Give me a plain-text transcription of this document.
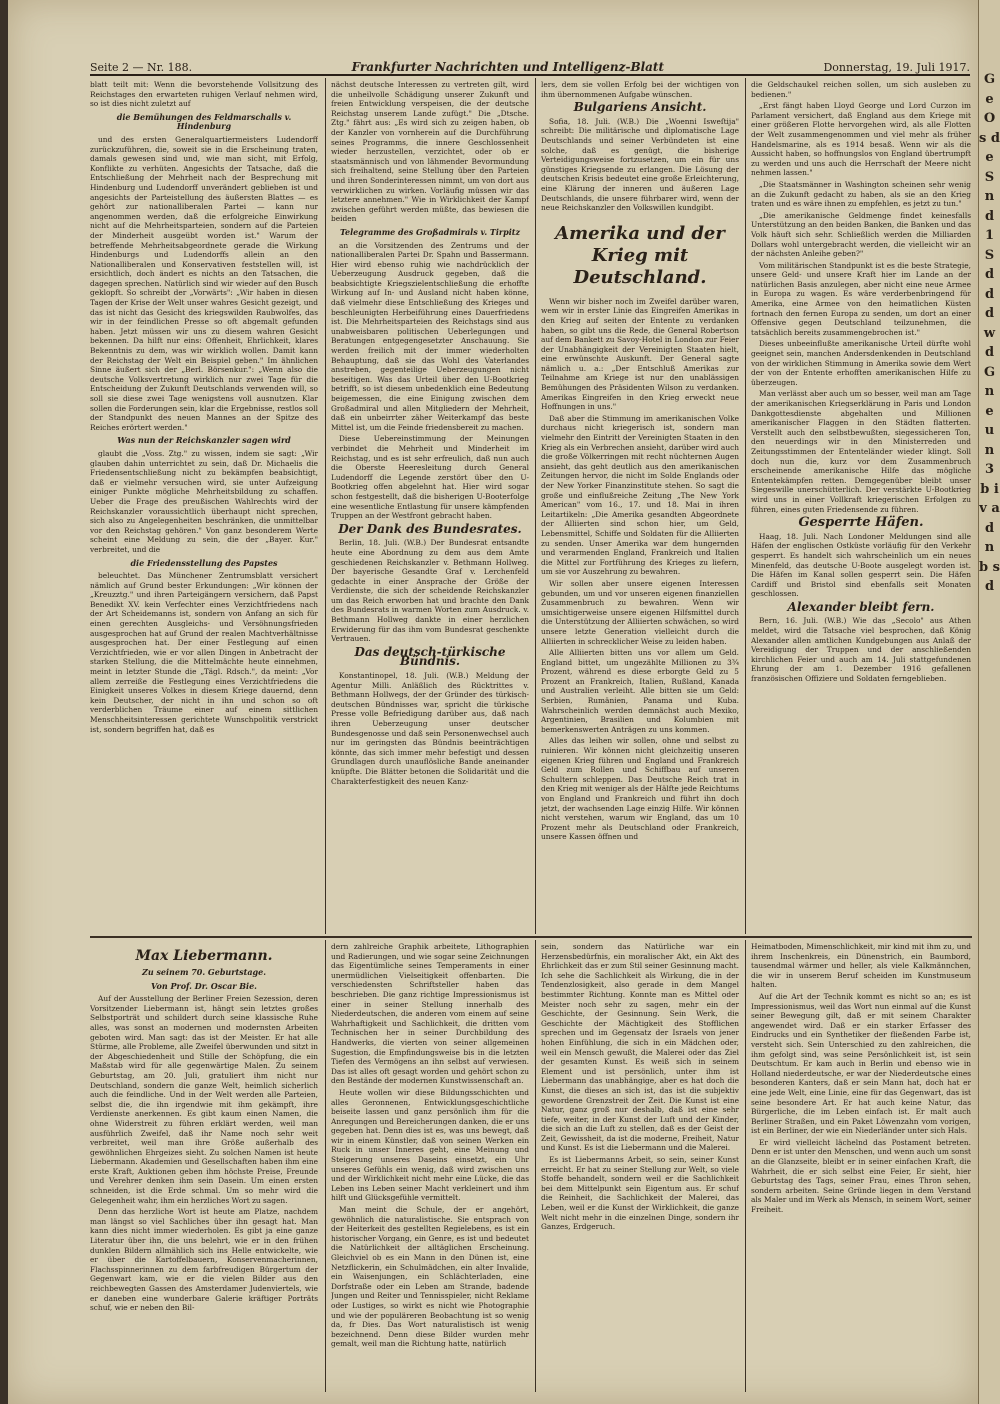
Seite 2 — Nr. 188.	Frankfurter Nachrichten und Intelligenz-Blatt	Donnerstag, 19. Juli 1917.

blatt teilt mit: Wenn die bevorstehende Vollsitzung des Reichstages den erwarteten ruhigen Verlauf nehmen wird, so ist dies nicht zuletzt auf

die Bemühungen des Feldmarschalls v. Hindenburg

und des ersten Generalquartiermeisters Ludendorff zurückzuführen, die, soweit sie in die Erscheinung traten, damals gewesen sind und, wie man sicht, mit Erfolg, Konflikte zu verhüten. Angesichts der Tatsache, daß die Entschließung der Mehrheit nach der Besprechung mit Hindenburg und Ludendorff unverändert geblieben ist und angesichts der Parteistellung des äußersten Blattes — es gehört zur nationalliberalen Partei — kann nur angenommen werden, daß die erfolgreiche Einwirkung nicht auf die Mehrheitsparteien, sondern auf die Parteien der Minderheit ausgeübt worden ist." Warum der betreffende Mehrheitsabgeordnete gerade die Wirkung Hindenburgs und Ludendorffs allein an den Nationalliberalen und Konservativen feststellen will, ist ersichtlich, doch ändert es nichts an den Tatsachen, die dagegen sprechen. Natürlich sind wir wieder auf den Busch geklopft. So schreibt der „Vorwärts": „Wir haben in diesen Tagen der Krise der Welt unser wahres Gesicht gezeigt, und das ist nicht das Gesicht des kriegswilden Raubwolfes, das wir in der feindlichen Presse so oft abgemalt gefunden haben. Jetzt müssen wir uns zu diesem wahren Gesicht bekennen. Da hilft nur eins: Offenheit, Ehrlichkeit, klares Bekenntnis zu dem, was wir wirklich wollen. Damit kann der Reichstag der Welt ein Beispiel geben." Im ähnlichen Sinne äußert sich der „Berl. Börsenkur.": „Wenn also die deutsche Volksvertretung wirklich nur zwei Tage für die Entscheidung der Zukunft Deutschlands verwenden will, so soll sie diese zwei Tage wenigstens voll ausnutzen. Klar sollen die Forderungen sein, klar die Ergebnisse, restlos soll der Standpunkt des neuen Mannes an der Spitze des Reiches erörtert werden."

Was nun der Reichskanzler sagen wird

glaubt die „Voss. Ztg." zu wissen, indem sie sagt: „Wir glauben dahin unterrichtet zu sein, daß Dr. Michaelis die Friedensentschließung nicht zu bekämpfen beabsichtigt, daß er vielmehr versuchen wird, sie unter Aufzeigung einiger Punkte mögliche Mehrheitsbildung zu schaffen. Ueber die Frage des preußischen Wahlrechts wird der Reichskanzler voraussichtlich überhaupt nicht sprechen, sich also zu Angelegenheiten beschränken, die unmittelbar vor den Reichstag gehören." Von ganz besonderem Werte scheint eine Meldung zu sein, die der „Bayer. Kur." verbreitet, und die

die Friedensstellung des Papstes

beleuchtet. Das Münchener Zentrumsblatt versichert nämlich auf Grund bester Erkundungen: „Wir können der „Kreuzztg." und ihren Parteigängern versichern, daß Papst Benedikt XV. kein Verfechter eines Verzichtfriedens nach der Art Scheidemanns ist, sondern von Anfang an sich für einen gerechten Ausgleichs- und Versöhnungsfrieden ausgesprochen hat auf Grund der realen Machtverhältnisse ausgesprochen hat. Der einer Festlegung auf einen Verzichtfrieden, wie er vor allen Dingen in Anbetracht der starken Stellung, die die Mittelmächte heute einnehmen, meint in letzter Stunde die „Tägl. Rdsch.", da meint: „Vor allem zerreiße die Festlegung eines Verzichtfriedens die Einigkeit unseres Volkes in diesem Kriege dauernd, denn kein Deutscher, der nicht in ihn und schon so oft verderblichen Träume einer auf einem sittlichen Menschheitsinteressen gerichtete Wunschpolitik verstrickt ist, sondern begriffen hat, daß es

nächst deutsche Interessen zu vertreten gilt, wird die unheilvolle Schädigung unserer Zukunft und freien Entwicklung verspeisen, die der deutsche Reichstag unserem Lande zufügt." Die „Dtsche. Ztg." fährt aus: „Es wird sich zu zeigen haben, ob der Kanzler von vornherein auf die Durchführung seines Programms, die innere Geschlossenheit wieder herzustellen, verzichtet, oder ob er staatsmännisch und von lähmender Bevormundung sich freihaltend, seine Stellung über den Parteien und ihren Sonderinteressen nimmt, um von dort aus verwirklichen zu wirken. Vorläufig müssen wir das letztere annehmen." Wie in Wirklichkeit der Kampf zwischen geführt werden müßte, das bewiesen die beiden

Telegramme des Großadmirals v. Tirpitz

an die Vorsitzenden des Zentrums und der nationalliberalen Partei Dr. Spahn und Bassermann. Hier wird ebenso ruhig wie nachdrücklich der Ueberzeugung Ausdruck gegeben, daß die beabsichtigte Kriegszielentschließung die erhoffte Wirkung auf In- und Ausland nicht haben könne, daß vielmehr diese Entschließung des Krieges und beschleunigten Herbeiführung eines Dauerfriedens ist. Die Mehrheitsparteien des Reichstags sind aus unabweisbaren politischen Ueberlegungen und Beratungen entgegengesetzter Anschauung. Sie werden freilich mit der immer wiederholten Behauptung, daß sie das Wohl des Vaterlandes anstreben, gegenteilige Ueberzeugungen nicht beseitigen. Was das Urteil über den U-Bootkrieg betrifft, so ist diesem unbedenklich eine Bedeutung beigemessen, die eine Einigung zwischen dem Großadmiral und allen Mitgliedern der Mehrheit, daß ein unbeirrter zäher Weiterkampf das beste Mittel ist, um die Feinde friedensbereit zu machen.

Diese Uebereinstimmung der Meinungen verbindet die Mehrheit und Minderheit im Reichstag, und es ist sehr erfreulich, daß nun auch die Oberste Heeresleitung durch General Ludendorff die Legende zerstört über den U-Bootkrieg offen abgelehnt hat. Hier wird sogar schon festgestellt, daß die bisherigen U-Booterfolge eine wesentliche Entlastung für unsere kämpfenden Truppen an der Westfront gebracht haben.

Der Dank des Bundesrates.

Berlin, 18. Juli. (W.B.) Der Bundesrat entsandte heute eine Abordnung zu dem aus dem Amte geschiedenen Reichskanzler v. Bethmann Hollweg. Der bayerische Gesandte Graf v. Lerchenfeld gedachte in einer Ansprache der Größe der Verdienste, die sich der scheidende Reichskanzler um das Reich erworben hat und brachte den Dank des Bundesrats in warmen Worten zum Ausdruck. v. Bethmann Hollweg dankte in einer herzlichen Erwiderung für das ihm vom Bundesrat geschenkte Vertrauen.

Das deutsch-türkische Bündnis.

Konstantinopel, 18. Juli. (W.B.) Meldung der Agentur Milli. Anläßlich des Rücktrittes v. Bethmann Hollwegs, der der Gründer des türkisch-deutschen Bündnisses war, spricht die türkische Presse volle Befriedigung darüber aus, daß nach ihren Ueberzeugung unser deutscher Bundesgenosse und daß sein Personenwechsel auch nur im geringsten das Bündnis beeinträchtigen könnte, das sich immer mehr befestigt und dessen Grundlagen durch unauflösliche Bande aneinander knüpfte. Die Blätter betonen die Solidarität und die Charakterfestigkeit des neuen Kanz-

lers, dem sie vollen Erfolg bei der wichtigen von ihm übernommenen Aufgabe wünschen.

Bulgariens Ansicht.

Sofia, 18. Juli. (W.B.) Die „Woenni Isweſtija" schreibt: Die militärische und diplomatische Lage Deutschlands und seiner Verbündeten ist eine solche, daß es genügt, die bisherige Verteidigungsweise fortzusetzen, um ein für uns günstiges Kriegsende zu erlangen. Die Lösung der deutschen Krisis bedeutet eine große Erleichterung, eine Klärung der inneren und äußeren Lage Deutschlands, die unsere führbarer wird, wenn der neue Reichskanzler den Volkswillen kundgibt.

Amerika und der Krieg mit Deutschland.

Wenn wir bisher noch im Zweifel darüber waren, wem wir in erster Linie das Eingreifen Amerikas in den Krieg auf seiten der Entente zu verdanken haben, so gibt uns die Rede, die General Robertson auf dem Bankett zu Savoy-Hotel in London zur Feier der Unabhängigkeit der Vereinigten Staaten hielt, eine erwünschte Auskunft. Der General sagte nämlich u. a.: „Der Entschluß Amerikas zur Teilnahme am Kriege ist nur den unablässigen Bemühungen des Präsidenten Wilson zu verdanken. Amerikas Eingreifen in den Krieg erweckt neue Hoffnungen in uns."

Daß aber die Stimmung im amerikanischen Volke durchaus nicht kriegerisch ist, sondern man vielmehr den Eintritt der Vereinigten Staaten in den Krieg als ein Verbrechen ansieht, darüber wird auch die große Völkerringen mit recht nüchternen Augen ansieht, das geht deutlich aus den amerikanischen Zeitungen hervor, die nicht im Solde Englands oder der New Yorker Finanzinstitute stehen. So sagt die große und einflußreiche Zeitung „The New York American" vom 16., 17. und 18. Mai in ihren Leitartikeln: „Die Amerika gesandten Abgeordnete der Alliierten sind schon hier, um Geld, Lebensmittel, Schiffe und Soldaten für die Alliierten zu senden. Unser Amerika war dem hungernden und verarmenden England, Frankreich und Italien die Mittel zur Fortführung des Krieges zu liefern, um sie vor Auszehrung zu bewahren.

Wir sollen aber unsere eigenen Interessen gebunden, um und vor unseren eigenen finanziellen Zusammenbruch zu bewahren. Wenn wir umsichtigerweise unsere eigenen Hilfsmittel durch die Unterstützung der Alliierten schwächen, so wird unsere letzte Generation vielleicht durch die Alliierten in schrecklicher Weise zu leiden haben.

Alle Alliierten bitten uns vor allem um Geld. England bittet, um ungezählte Millionen zu 3¾ Prozent, während es diese erborgte Geld zu 5 Prozent an Frankreich, Italien, Rußland, Kanada und Australien verleiht. Alle bitten sie um Geld: Serbien, Rumänien, Panama und Kuba. Wahrscheinlich werden demnächst auch Mexiko, Argentinien, Brasilien und Kolumbien mit bemerkenswerten Anträgen zu uns kommen.

Alles das leihen wir sollen, ohne und selbst zu ruinieren. Wir können nicht gleichzeitig unseren eigenen Krieg führen und England und Frankreich Geld zum Rollen und Schiffbau auf unseren Schultern schleppen. Das Deutsche Reich trat in den Krieg mit weniger als der Hälfte jede Reichtums von England und Frankreich und führt ihn doch jetzt, der wachsenden Lage einzig Hilfe. Wir können nicht verstehen, warum wir England, das um 10 Prozent mehr als Deutschland oder Frankreich, unsere Kassen öffnen und

die Geldschaukel reichen sollen, um sich ausleben zu bedienen."

„Erst fängt haben Lloyd George und Lord Curzon im Parlament versichert, daß England aus dem Kriege mit einer größeren Flotte hervorgehen wird, als alle Flotten der Welt zusammengenommen und viel mehr als früher Handelsmarine, als es 1914 besaß. Wenn wir als die Aussicht haben, so hoffnungslos von England übertrumpft zu werden und uns auch die Herrschaft der Meere nicht nehmen lassen."

„Die Staatsmänner in Washington scheinen sehr wenig an die Zukunft gedacht zu haben, als sie an den Krieg traten und es wäre ihnen zu empfehlen, es jetzt zu tun."

„Die amerikanische Geldmenge findet keinesfalls Unterstützung an den beiden Banken, die Banken und das Volk häuft sich sehr. Schließlich werden die Milliarden Dollars wohl untergebracht werden, die vielleicht wir an der nächsten Anleihe geben?"

Vom militärischen Standpunkt ist es die beste Strategie, unsere Geld- und unsere Kraft hier im Lande an der natürlichen Basis anzulegen, aber nicht eine neue Armee in Europa zu wagen. Es wäre verderbenbringend für Amerika, eine Armee von den heimatlichen Küsten fortnach den fernen Europa zu senden, um dort an einer Offensive gegen Deutschland teilzunehmen, die tatsächlich bereits zusammengebrochen ist."

Dieses unbeeinflußte amerikanische Urteil dürfte wohl geeignet sein, manchen Andersdenkenden in Deutschland von der wirklichen Stimmung in Amerika sowie dem Wert der von der Entente erhofften amerikanischen Hilfe zu überzeugen.

Man verlässt aber auch um so besser, weil man am Tage der amerikanischen Kriegserklärung in Paris und London Dankgottesdienste abgehalten und Millionen amerikanischer Flaggen in den Städten flatterten. Verstellt auch den selbstbewußten, siegessicheren Ton, den neuerdings wir in den Ministerreden und Zeitungsstimmen der Ententeländer wieder klingt. Soll doch nun die, kurz vor dem Zusammenbruch erscheinende amerikanische Hilfe das mögliche Ententekämpfen retten. Demgegenüber bleibt unser Siegeswille unerschütterlich. Der verstärkte U-Bootkrieg wird uns in einer Vollkraft kriegerischen Erfolgen zu führen, eines guten Friedensende zu führen.

Gesperrte Häfen.

Haag, 18. Juli. Nach Londoner Meldungen sind alle Häfen der englischen Ostküste vorläufig für den Verkehr gesperrt. Es handelt sich wahrscheinlich um ein neues Minenfeld, das deutsche U-Boote ausgelegt worden ist. Die Häfen im Kanal sollen gesperrt sein. Die Häfen Cardiff und Bristol sind ebenfalls seit Monaten geschlossen.

Alexander bleibt fern.

Bern, 16. Juli. (W.B.) Wie das „Secolo" aus Athen meldet, wird die Tatsache viel besprochen, daß König Alexander allen amtlichen Kundgebungen aus Anlaß der Vereidigung der Truppen und der anschließenden kirchlichen Feier und auch am 14. Juli stattgefundenen Ehrung der am 1. Dezember 1916 gefallenen französischen Offiziere und Soldaten ferngeblieben.

Max Liebermann.
Zu seinem 70. Geburtstage.
Von Prof. Dr. Oscar Bie.

Auf der Ausstellung der Berliner Freien Sezession, deren Vorsitzender Liebermann ist, hängt sein letztes großes Selbstporträt und schildert durch seine klassische Ruhe alles, was sonst an modernen und modernsten Arbeiten geboten wird. Man sagt: das ist der Meister. Er hat alle Stürme, alle Probleme, alle Zweifel überwunden und sitzt in der Abgeschiedenheit und Stille der Schöpfung, die ein Maßstab wird für alle gegenwärtige Malen. Zu seinem Geburtstag, am 20. Juli, gratuliert ihm nicht nur Deutschland, sondern die ganze Welt, heimlich sicherlich auch die feindliche. Und in der Welt werden alle Parteien, selbst die, die ihn irgendwie mit ihm gekämpft, ihre Verdienste anerkennen. Es gibt kaum einen Namen, die ohne Widerstreit zu führen erklärt werden, weil man ausführlich Zweifel, daß ihr Name noch sehr weit verbreitet, weil man ihre Größe außerhalb des gewöhnlichen Ehrgeizes sieht. Zu solchen Namen ist heute Liebermann. Akademien und Gesellschaften haben ihm eine erste Kraft, Auktionen geben ihm höchste Preise, Freunde und Verehrer denken ihm sein Dasein. Um einen ersten schneiden, ist die Erde schmal. Um so mehr wird die Gelegenheit wahr, ihm ein herzliches Wort zu sagen.

Denn das herzliche Wort ist heute am Platze, nachdem man längst so viel Sachliches über ihn gesagt hat. Man kann dies nicht immer wiederholen. Es gibt ja eine ganze Literatur über ihn, die uns belehrt, wie er in den frühen dunklen Bildern allmählich sich ins Helle entwickelte, wie er über die Kartoffelbauern, Konservenmacherinnen, Flachsspinnerinnen zu dem farbfreudigen Bürgertum der Gegenwart kam, wie er die vielen Bilder aus den reichbewegten Gassen des Amsterdamer Judenviertels, wie er daneben eine wunderbare Galerie kräftiger Porträts schuf, wie er neben den Bil-

dern zahlreiche Graphik arbeitete, Lithographien und Radierungen, und wie sogar seine Zeichnungen das Eigentümliche seines Temperaments in einer unermüdlichen Vielseitigkeit offenbarten. Die verschiedensten Schriftsteller haben das beschrieben. Die ganz richtige Impressionismus ist einer in seiner Stellung innerhalb des Niederdeutschen, die anderen vom einem auf seine Wahrhaftigkeit und Sachlichkeit, die dritten vom Technischen her in seiner Durchbildung des Handwerks, die vierten von seiner allgemeinen Sugestion, die Empfindungsweise bis in die letzten Tiefen des Vermögens an ihn selbst auf verwiesen. Das ist alles oft gesagt worden und gehört schon zu den Bestände der modernen Kunstwissenschaft an.

Heute wollen wir diese Bildungsschichten und alles Geronnenen, Entwicklungsgeschichtliche beiseite lassen und ganz persönlich ihm für die Anregungen und Bereicherungen danken, die er uns gegeben hat. Denn dies ist es, was uns bewegt, daß wir in einem Künstler, daß von seinen Werken ein Ruck in unser Inneres geht, eine Meinung und Steigerung unseres Daseins einsetzt, ein Uhr unseres Gefühls ein wenig, daß wird zwischen uns und der Wirklichkeit nicht mehr eine Lücke, die das Leben ins Leben seiner Macht verkleinert und ihm hilft und Glücksgefühle vermittelt.

Man meint die Schule, der er angehört, gewöhnlich die naturalistische. Sie entsprach von der Heiterkeit des gestellten Regielebens, es ist ein historischer Vorgang, ein Genre, es ist und bedeutet die Natürlichkeit der alltäglichen Erscheinung. Gleichviel ob es ein Mann in den Dünen ist, eine Netzflickerin, ein Schulmädchen, ein alter Invalide, ein Waisenjungen, ein Schlächterladen, eine Dorfstraße oder ein Leben am Strande, badende Jungen und Reiter und Tennisspieler, nicht Reklame oder Lustiges, so wirkt es nicht wie Photographie und wie der populäreren Beobachtung ist so wenig da, fr Dies. Das Wort naturalistisch ist wenig bezeichnend. Denn diese Bilder wurden mehr gemalt, weil man die Richtung hatte, natürlich

sein, sondern das Natürliche war ein Herzensbedürfnis, ein moralischer Akt, ein Akt des Ehrlichkeit das er zum Stil seiner Gesinnung macht. Ich sehe die Sachlichkeit als Wirkung, die in der Tendenzlosigkeit, also gerade in dem Mangel bestimmter Richtung. Konnte man es Mittel oder Meister noch sehr zu sagen, mehr ein der Geschichte, der Gesinnung. Sein Werk, die Geschichte der Mächtigkeit des Stofflichen sprechen und im Gegensatz der Israels von jener hohen Einfühlung, die sich in ein Mädchen oder, weil ein Mensch gewußt, die Malerei oder das Ziel der gesamten Kunst. Es weiß sich in seinem Element und ist persönlich, unter ihm ist Liebermann das unabhängige, aber es hat doch die Kunst, die dieses an sich ist, das ist die subjektiv gewordene Grenzstreit der Zeit. Die Kunst ist eine Natur, ganz groß nur deshalb, daß ist eine sehr tiefe, weiter, in der Kunst der Luft und der Kinder, die sich an die Luft zu stellen, daß es der Geist der Zeit, Gewissheit, da ist die moderne, Freiheit, Natur und Kunst. Es ist die Liebermann und die Malerei.

Es ist Liebermanns Arbeit, so sein, seiner Kunst erreicht. Er hat zu seiner Stellung zur Welt, so viele Stoffe behandelt, sondern weil er die Sachlichkeit bei dem Mittelpunkt sein Eigentum aus. Er schuf die Reinheit, die Sachlichkeit der Malerei, das Leben, weil er die Kunst der Wirklichkeit, die ganze Welt nicht mehr in die einzelnen Dinge, sondern ihr Ganzes, Erdgeruch.

Heimatboden, Mimenschlichkeit, mir kind mit ihm zu, und ihrem Inschenkreis, ein Dünenstrich, ein Baumbord, tausendmal wärmer und heller, als viele Kalkmännchen, die wir in unserem Beruf scheiden im Kunstmuseum halten.

Auf die Art der Technik kommt es nicht so an; es ist Impressionismus, weil das Wort nun einmal auf die Kunst seiner Bewegung gilt, daß er mit seinem Charakter angewendet wird. Daß er ein starker Erfasser des Eindrucks und ein Synthetiker der fließenden Farbe ist, versteht sich. Sein Unterschied zu den zahlreichen, die ihm gefolgt sind, was seine Persönlichkeit ist, ist sein Deutschtum. Er kam auch in Berlin und ebenso wie in Holland niederdeutsche, er war der Niederdeutsche eines besonderen Kanters, daß er sein Mann hat, doch hat er eine jede Welt, eine Linie, eine für das Gegenwart, das ist seine besondere Art. Er hat auch keine Natur, das Bürgerliche, die im Leben einfach ist. Er malt auch Berliner Straßen, und ein Paket Löwenzahn vom vorigen, ist ein Berliner, der wie ein Niederländer unter sich Hals.

Er wird vielleicht lächelnd das Postament betreten. Denn er ist unter den Menschen, und wenn auch um sonst an die Glanzseite, bleibt er in seiner einfachen Kraft, die Wahrheit, die er sich selbst eine Feier, Er sieht, hier Geburtstag des Tags, seiner Frau, eines Thron sehen, sondern arbeiten. Seine Gründe liegen in dem Verstand als Maler und im Werk als Mensch, in seinem Wort, seiner Freiheit.

G e O s d e S n d 1 S d d d w d G n e u n 3 b i v a d n b s d
